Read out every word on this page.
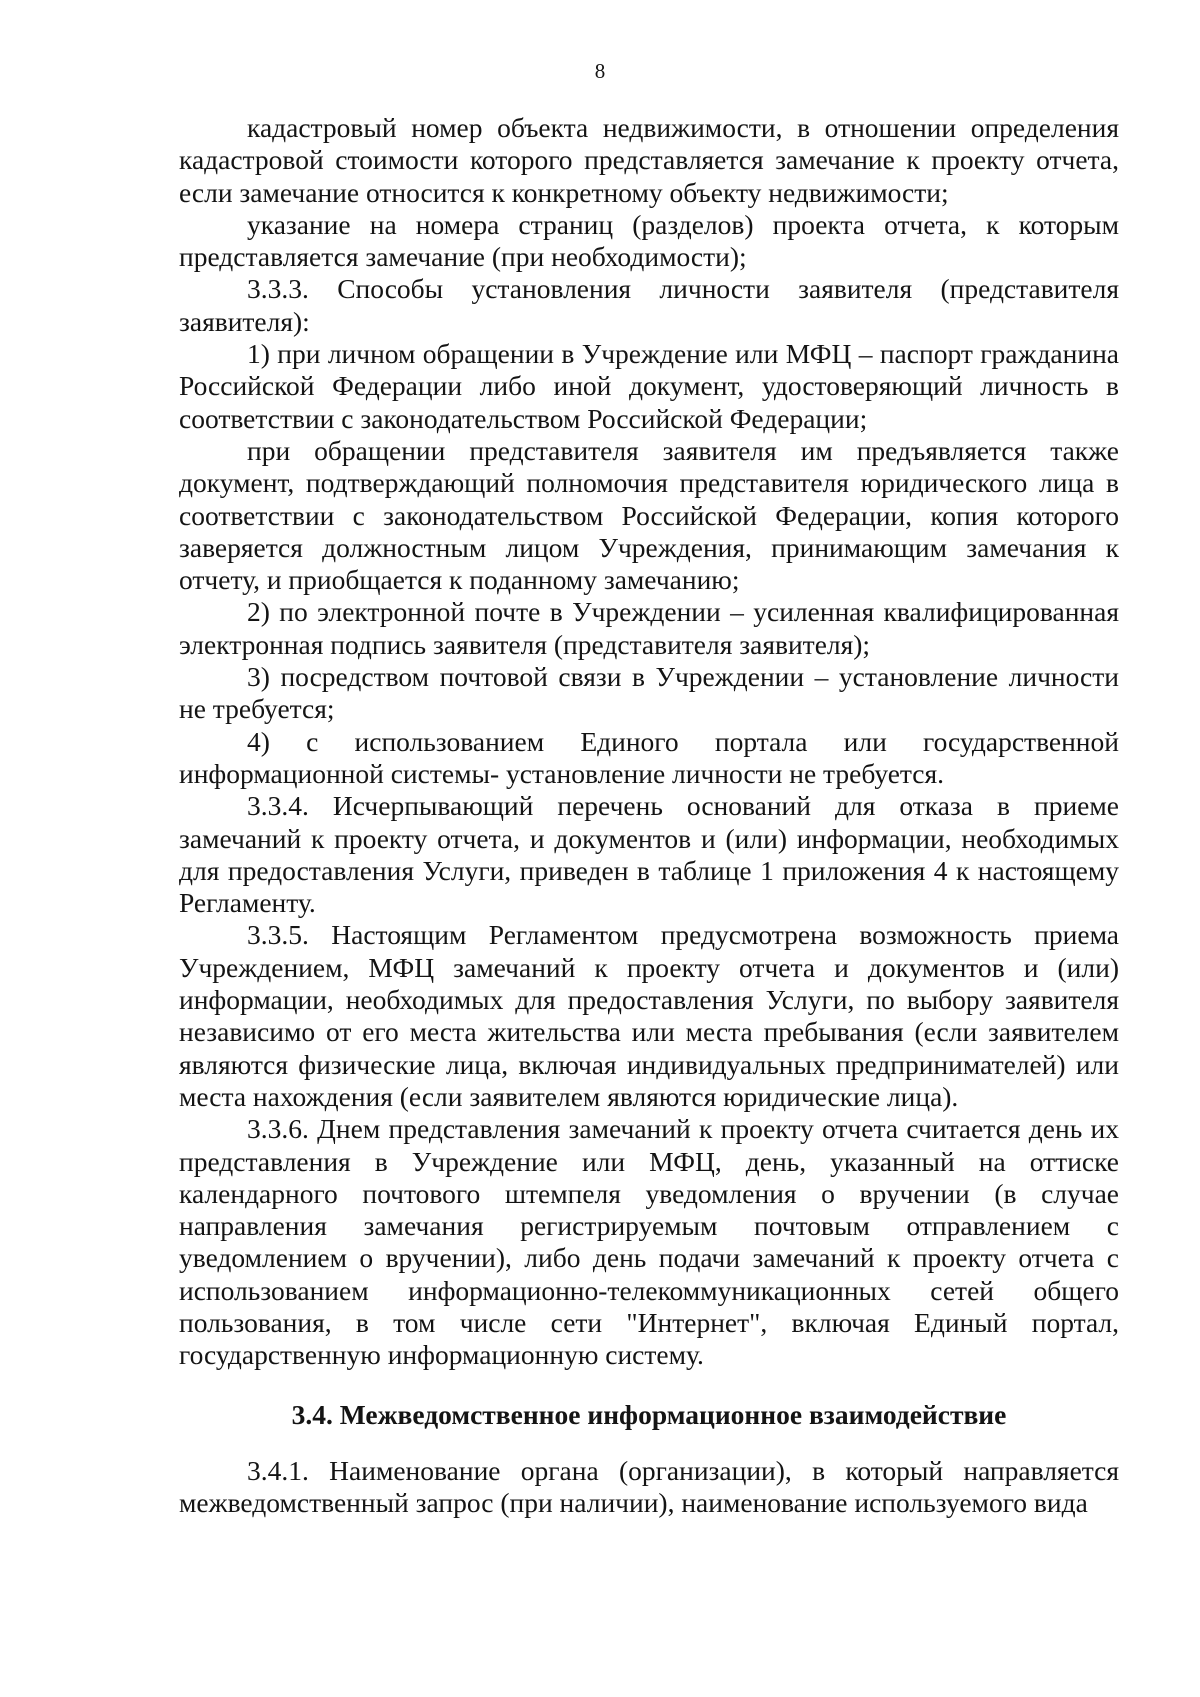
8

кадастровый номер объекта недвижимости, в отношении определения кадастровой стоимости которого представляется замечание к проекту отчета, если замечание относится к конкретному объекту недвижимости;

указание на номера страниц (разделов) проекта отчета, к которым представляется замечание (при необходимости);

3.3.3. Способы установления личности заявителя (представителя заявителя):

1) при личном обращении в Учреждение или МФЦ – паспорт гражданина Российской Федерации либо иной документ, удостоверяющий личность в соответствии с законодательством Российской Федерации;

при обращении представителя заявителя им предъявляется также документ, подтверждающий полномочия представителя юридического лица в соответствии с законодательством Российской Федерации, копия которого заверяется должностным лицом Учреждения, принимающим замечания к отчету, и приобщается к поданному замечанию;

2) по электронной почте в Учреждении – усиленная квалифицированная электронная подпись заявителя (представителя заявителя);

3) посредством почтовой связи в Учреждении – установление личности не требуется;

4) с использованием Единого портала или государственной информационной системы- установление личности не требуется.

3.3.4. Исчерпывающий перечень оснований для отказа в приеме замечаний к проекту отчета, и документов и (или) информации, необходимых для предоставления Услуги, приведен в таблице 1 приложения 4 к настоящему Регламенту.

3.3.5. Настоящим Регламентом предусмотрена возможность приема Учреждением, МФЦ замечаний к проекту отчета и документов и (или) информации, необходимых для предоставления Услуги, по выбору заявителя независимо от его места жительства или места пребывания (если заявителем являются физические лица, включая индивидуальных предпринимателей) или места нахождения (если заявителем являются юридические лица).

3.3.6. Днем представления замечаний к проекту отчета считается день их представления в Учреждение или МФЦ, день, указанный на оттиске календарного почтового штемпеля уведомления о вручении (в случае направления замечания регистрируемым почтовым отправлением с уведомлением о вручении), либо день подачи замечаний к проекту отчета с использованием информационно-телекоммуникационных сетей общего пользования, в том числе сети "Интернет", включая Единый портал, государственную информационную систему.

3.4. Межведомственное информационное взаимодействие

3.4.1. Наименование органа (организации), в который направляется межведомственный запрос (при наличии), наименование используемого вида
